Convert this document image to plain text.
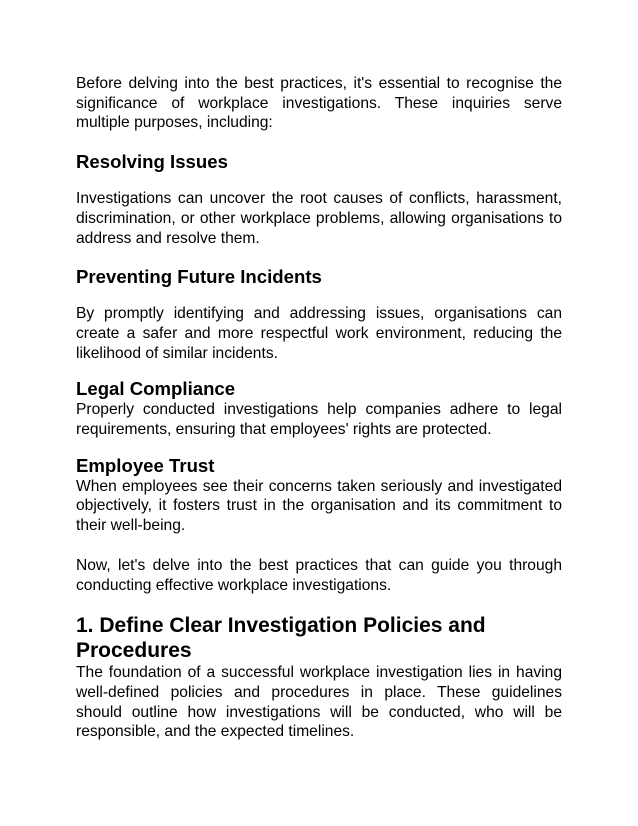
Before delving into the best practices, it's essential to recognise the significance of workplace investigations. These inquiries serve multiple purposes, including:

Resolving Issues

Investigations can uncover the root causes of conflicts, harassment, discrimination, or other workplace problems, allowing organisations to address and resolve them.

Preventing Future Incidents

By promptly identifying and addressing issues, organisations can create a safer and more respectful work environment, reducing the likelihood of similar incidents.

Legal Compliance

Properly conducted investigations help companies adhere to legal requirements, ensuring that employees' rights are protected.

Employee Trust

When employees see their concerns taken seriously and investigated objectively, it fosters trust in the organisation and its commitment to their well-being.

Now, let's delve into the best practices that can guide you through conducting effective workplace investigations.

1. Define Clear Investigation Policies and Procedures

The foundation of a successful workplace investigation lies in having well-defined policies and procedures in place. These guidelines should outline how investigations will be conducted, who will be responsible, and the expected timelines.
